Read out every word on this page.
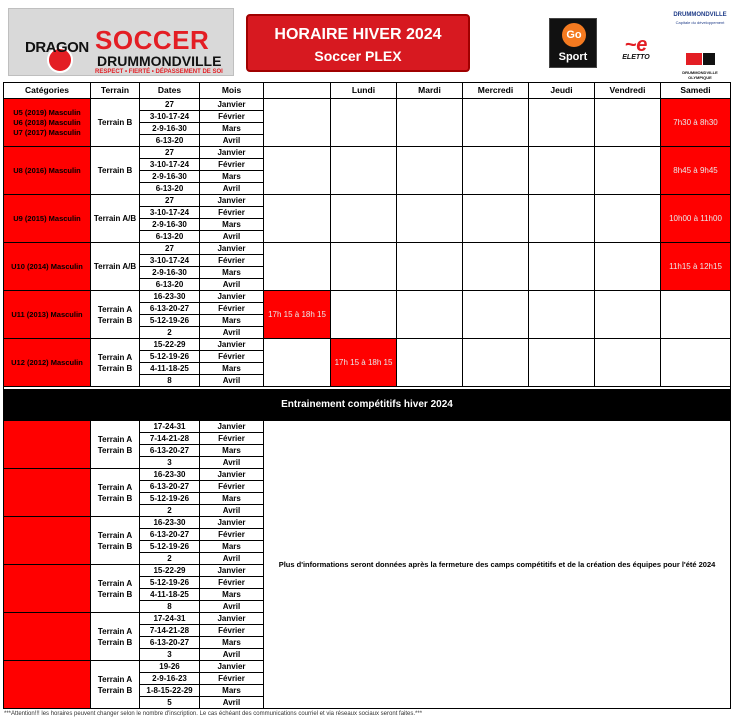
DRAGON SOCCER
DRUMMONDVILLE
RESPECT • FIERTÉ • DÉPASSEMENT DE SOI
HORAIRE HIVER 2024
Soccer PLEX
Go
Sport
~e
ELETTO
DRUMMONDVILLE
Capitale du développement
DRUMMONDVILLE OLYMPIQUE
Catégories	Terrain	Dates	Mois		Lundi	Mardi	Mercredi	Jeudi	Vendredi	Samedi
U5 (2019) Masculin
U6 (2018) Masculin
U7 (2017) Masculin	Terrain B	27	Janvier							7h30 à 8h30
		3-10-17-24	Février							
		2-9-16-30	Mars							
		6-13-20	Avril							
U8 (2016) Masculin	Terrain B	27	Janvier							8h45 à 9h45
		3-10-17-24	Février							
		2-9-16-30	Mars							
		6-13-20	Avril							
U9 (2015) Masculin	Terrain A/B	27	Janvier							10h00 à 11h00
		3-10-17-24	Février							
		2-9-16-30	Mars							
		6-13-20	Avril							
U10 (2014) Masculin	Terrain A/B	27	Janvier							11h15 à 12h15
		3-10-17-24	Février							
		2-9-16-30	Mars							
		6-13-20	Avril							
U11 (2013) Masculin	Terrain A
Terrain B	16-23-30	Janvier	17h 15 à 18h 15						
		6-13-20-27	Février							
		5-12-19-26	Mars							
		2	Avril							
U12 (2012) Masculin	Terrain A
Terrain B	15-22-29	Janvier		17h 15 à 18h 15					
		5-12-19-26	Février							
		4-11-18-25	Mars							
		8	Avril							

Entrainement compétitifs hiver 2024										
	Terrain A
Terrain B	17-24-31	Janvier	Plus d'informations seront données après la fermeture des camps compétitifs et de la création des équipes pour l'été 2024						
		7-14-21-28	Février							
		6-13-20-27	Mars							
		3	Avril							
	Terrain A
Terrain B	16-23-30	Janvier							
		6-13-20-27	Février							
		5-12-19-26	Mars							
		2	Avril							
	Terrain A
Terrain B	16-23-30	Janvier							
		6-13-20-27	Février							
		5-12-19-26	Mars							
		2	Avril							
	Terrain A
Terrain B	15-22-29	Janvier							
		5-12-19-26	Février							
		4-11-18-25	Mars							
		8	Avril							
	Terrain A
Terrain B	17-24-31	Janvier							
		7-14-21-28	Février							
		6-13-20-27	Mars							
		3	Avril							
	Terrain A
Terrain B	19-26	Janvier							
		2-9-16-23	Février							
		1-8-15-22-29	Mars							
		5	Avril							
***Attention!!! les horaires peuvent changer selon le nombre d'inscription. Le cas échéant des communications courriel et via réseaux sociaux seront faites.***
